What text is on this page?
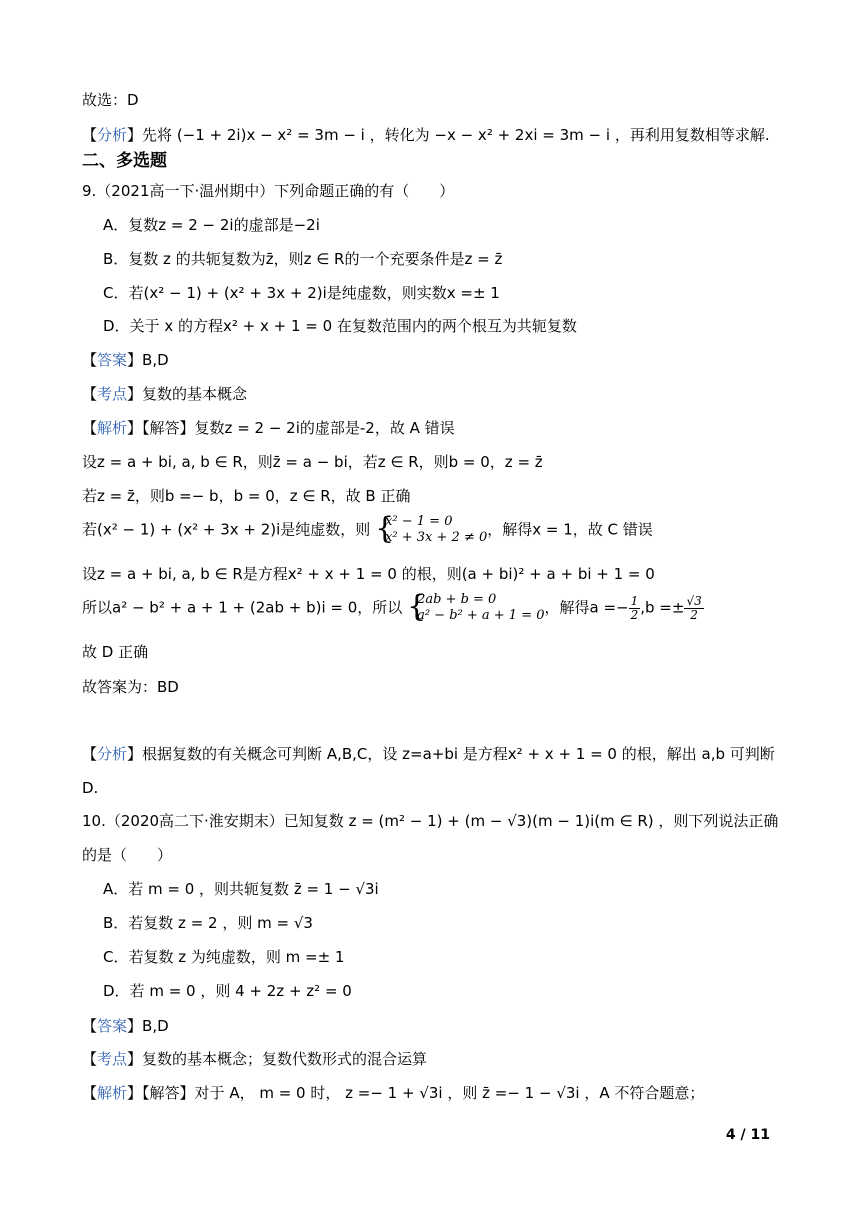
故选：D
【分析】先将 (−1 + 2i)x − x² = 3m − i ，转化为 −x − x² + 2xi = 3m − i ，再利用复数相等求解.
二、多选题
9.（2021高一下·温州期中）下列命题正确的有（　　）
A．复数z = 2 − 2i的虚部是−2i
B．复数 z 的共轭复数为z̄，则z ∈ R的一个充要条件是z = z̄
C．若(x² − 1) + (x² + 3x + 2)i是纯虚数，则实数x =± 1
D．关于 x 的方程x² + x + 1 = 0 在复数范围内的两个根互为共轭复数
【答案】B,D
【考点】复数的基本概念
【解析】【解答】复数z = 2 − 2i的虚部是-2，故 A 错误
设z = a + bi, a, b ∈ R，则z̄ = a − bi，若z ∈ R，则b = 0，z = z̄
若z = z̄，则b =− b，b = 0，z ∈ R，故 B 正确
若(x² − 1) + (x² + 3x + 2)i是纯虚数，则 { x² − 1 = 0
x² + 3x + 2 ≠ 0 ，解得x = 1，故 C 错误
设z = a + bi, a, b ∈ R是方程x² + x + 1 = 0 的根，则(a + bi)² + a + bi + 1 = 0
所以a² − b² + a + 1 + (2ab + b)i = 0，所以 { 2ab + b = 0
a² − b² + a + 1 = 0 ，解得$a =- \frac{1}{2} ,b =\pm \frac{√3}{2}$
故 D 正确
故答案为：BD
【分析】根据复数的有关概念可判断 A,B,C，设 z=a+bi 是方程x² + x + 1 = 0 的根，解出 a,b 可判断
D.
10.（2020高二下·淮安期末）已知复数 z = (m² − 1) + (m − √3)(m − 1)i(m ∈ R) ，则下列说法正确
的是（　　）
A．若 m = 0 ，则共轭复数 z̄ = 1 − √3i
B．若复数 z = 2 ，则 m = √3
C．若复数 z 为纯虚数，则 m =± 1
D．若 m = 0 ，则 4 + 2z + z² = 0
【答案】B,D
【考点】复数的基本概念；复数代数形式的混合运算
【解析】【解答】对于 A， m = 0 时， z =− 1 + √3i ，则 z̄ =− 1 − √3i ，A 不符合题意；
4 / 11
